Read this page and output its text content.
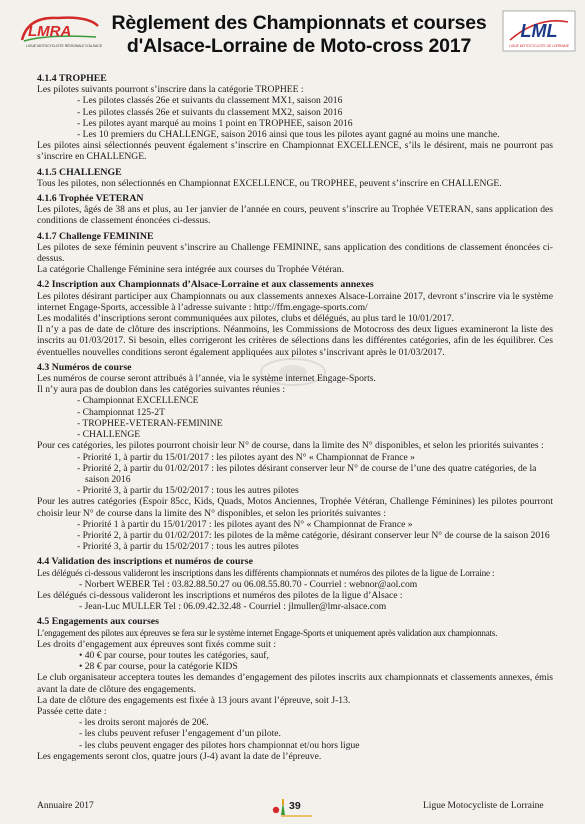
LMRA
LIGUE MOTOCYCLISTE RÉGIONALE D'ALSACE
Règlement des Championnats et courses
d'Alsace-Lorraine de Moto-cross 2017
LML
LIGUE MOTOCYCLISTE DE LORRAINE
4.1.4 TROPHEE

Les pilotes suivants pourront s’inscrire dans la catégorie TROPHEE :

- Les pilotes classés 26e et suivants du classement MX1, saison 2016
- Les pilotes classés 26e et suivants du classement MX2, saison 2016
- Les pilotes ayant marqué au moins 1 point en TROPHEE, saison 2016
- Les 10 premiers du CHALLENGE, saison 2016 ainsi que tous les pilotes ayant gagné au moins une manche.

Les pilotes ainsi sélectionnés peuvent également s’inscrire en Championnat EXCELLENCE, s’ils le désirent, mais ne pourront pas s’inscrire en CHALLENGE.

4.1.5 CHALLENGE

Tous les pilotes, non sélectionnés en Championnat EXCELLENCE, ou TROPHEE, peuvent s’inscrire en CHALLENGE.

4.1.6 Trophée VETERAN

Les pilotes, âgés de 38 ans et plus, au 1er janvier de l’année en cours, peuvent s’inscrire au Trophée VETERAN, sans application des conditions de classement énoncées ci-dessus.

4.1.7 Challenge FEMININE

Les pilotes de sexe féminin peuvent s’inscrire au Challenge FEMININE, sans application des conditions de classement énoncées ci-dessus.

La catégorie Challenge Féminine sera intégrée aux courses du Trophée Vétéran.

4.2 Inscription aux Championnats d’Alsace-Lorraine et aux classements annexes

Les pilotes désirant participer aux Championnats ou aux classements annexes Alsace-Lorraine 2017, devront s’inscrire via le système internet Engage-Sports, accessible à l’adresse suivante : http://ffm.engage-sports.com/

Les modalités d’inscriptions seront communiquées aux pilotes, clubs et délégués, au plus tard le 10/01/2017.

Il n’y a pas de date de clôture des inscriptions. Néanmoins, les Commissions de Motocross des deux ligues examineront la liste des inscrits au 01/03/2017. Si besoin, elles corrigeront les critères de sélections dans les différentes catégories, afin de les équilibrer. Ces éventuelles nouvelles conditions seront également appliquées aux pilotes s’inscrivant après le 01/03/2017.

4.3 Numéros de course

Les numéros de course seront attribués à l’année, via le système internet Engage-Sports.

Il n’y aura pas de doublon dans les catégories suivantes réunies :

- Championnat EXCELLENCE
- Championnat 125-2T
- TROPHEE-VETERAN-FEMININE
- CHALLENGE

Pour ces catégories, les pilotes pourront choisir leur N° de course, dans la limite des N° disponibles, et selon les priorités suivantes :

- Priorité 1, à partir du 15/01/2017 : les pilotes ayant des N° « Championnat de France »
- Priorité 2, à partir du 01/02/2017 : les pilotes désirant conserver leur N° de course de l’une des quatre catégories, de la saison 2016
- Priorité 3, à partir du 15/02/2017 : tous les autres pilotes

Pour les autres catégories (Espoir 85cc, Kids, Quads, Motos Anciennes, Trophée Vétéran, Challenge Féminines) les pilotes pourront choisir leur N° de course dans la limite des N° disponibles, et selon les priorités suivantes :

- Priorité 1 à partir du 15/01/2017 : les pilotes ayant des N° « Championnat de France »
- Priorité 2, à partir du 01/02/2017: les pilotes de la même catégorie, désirant conserver leur N° de course de la saison 2016
- Priorité 3, à partir du 15/02/2017 : tous les autres pilotes
4.4 Validation des inscriptions et numéros de course

Les délégués ci-dessous valideront les inscriptions dans les différents championnats et numéros des pilotes de la ligue de Lorraine :

- Norbert WEBER Tel : 03.82.88.50.27 ou 06.08.55.80.70 - Courriel : webnor@aol.com

Les délégués ci-dessous valideront les inscriptions et numéros des pilotes de la ligue d’Alsace :

- Jean-Luc MULLER Tel : 06.09.42.32.48 - Courriel : jlmuller@lmr-alsace.com
4.5 Engagements aux courses

L’engagement des pilotes aux épreuves se fera sur le système internet Engage-Sports et uniquement après validation aux championnats.

Les droits d’engagement aux épreuves sont fixés comme suit :

• 40 € par course, pour toutes les catégories, sauf,
• 28 € par course, pour la catégorie KIDS

Le club organisateur acceptera toutes les demandes d’engagement des pilotes inscrits aux championnats et classements annexes, émis avant la date de clôture des engagements.

La date de clôture des engagements est fixée à 13 jours avant l’épreuve, soit J-13.

Passée cette date :

- les droits seront majorés de 20€.
- les clubs peuvent refuser l’engagement d’un pilote.
- les clubs peuvent engager des pilotes hors championnat et/ou hors ligue

Les engagements seront clos, quatre jours (J-4) avant la date de l’épreuve.

Annuaire 2017	39	Ligue Motocycliste de Lorraine
